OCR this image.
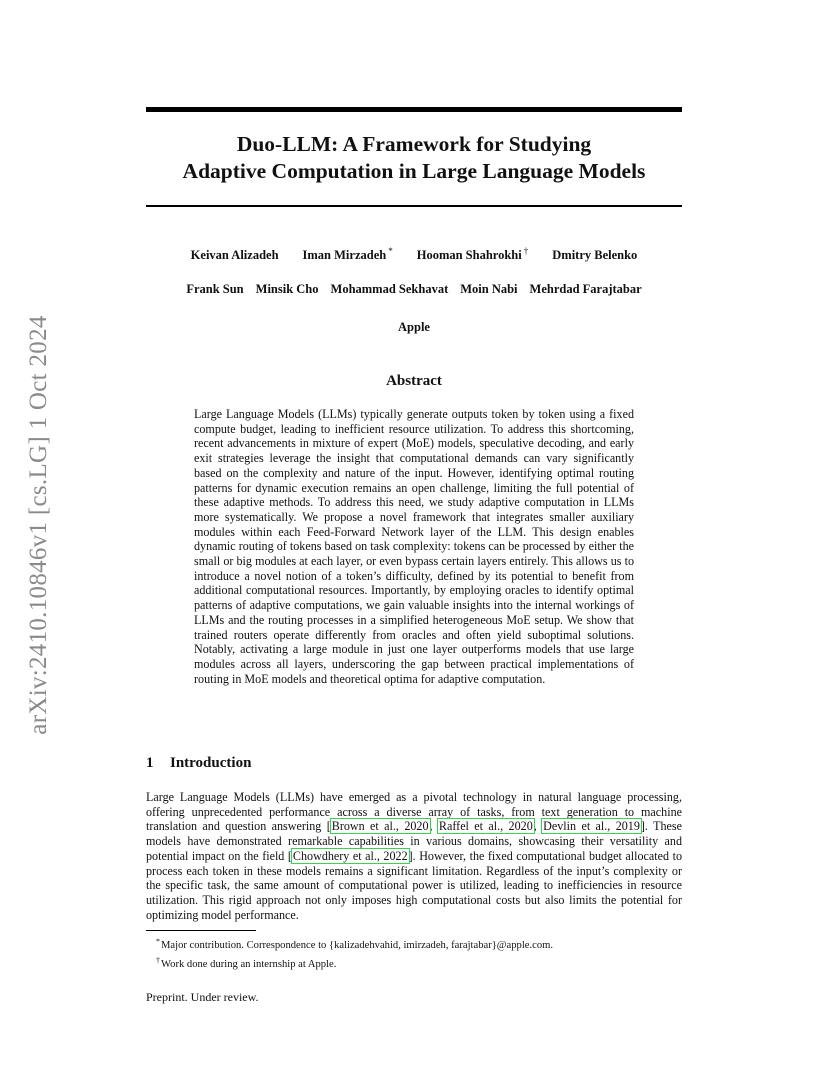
arXiv:2410.10846v1 [cs.LG] 1 Oct 2024
Duo-LLM: A Framework for Studying
Adaptive Computation in Large Language Models
Keivan Alizadeh Iman Mirzadeh * Hooman Shahrokhi † Dmitry Belenko
Frank Sun Minsik Cho Mohammad Sekhavat Moin Nabi Mehrdad Farajtabar
Apple
Abstract
Large Language Models (LLMs) typically generate outputs token by token using a fixed compute budget, leading to inefficient resource utilization. To address this shortcoming, recent advancements in mixture of expert (MoE) models, speculative decoding, and early exit strategies leverage the insight that computational demands can vary significantly based on the complexity and nature of the input. However, identifying optimal routing patterns for dynamic execution remains an open challenge, limiting the full potential of these adaptive methods. To address this need, we study adaptive computation in LLMs more systematically. We propose a novel framework that integrates smaller auxiliary modules within each Feed-Forward Network layer of the LLM. This design enables dynamic routing of tokens based on task complexity: tokens can be processed by either the small or big modules at each layer, or even bypass certain layers entirely. This allows us to introduce a novel notion of a token’s difficulty, defined by its potential to benefit from additional computational resources. Importantly, by employing oracles to identify optimal patterns of adaptive computations, we gain valuable insights into the internal workings of LLMs and the routing processes in a simplified heterogeneous MoE setup. We show that trained routers operate differently from oracles and often yield suboptimal solutions. Notably, activating a large module in just one layer outperforms models that use large modules across all layers, underscoring the gap between practical implementations of routing in MoE models and theoretical optima for adaptive computation.
1 Introduction
Large Language Models (LLMs) have emerged as a pivotal technology in natural language processing, offering unprecedented performance across a diverse array of tasks, from text generation to machine translation and question answering [Brown et al., 2020, Raffel et al., 2020, Devlin et al., 2019]. These models have demonstrated remarkable capabilities in various domains, showcasing their versatility and potential impact on the field [Chowdhery et al., 2022]. However, the fixed computational budget allocated to process each token in these models remains a significant limitation. Regardless of the input’s complexity or the specific task, the same amount of computational power is utilized, leading to inefficiencies in resource utilization. This rigid approach not only imposes high computational costs but also limits the potential for optimizing model performance.
*Major contribution. Correspondence to {kalizadehvahid, imirzadeh, farajtabar}@apple.com.
†Work done during an internship at Apple.
Preprint. Under review.
